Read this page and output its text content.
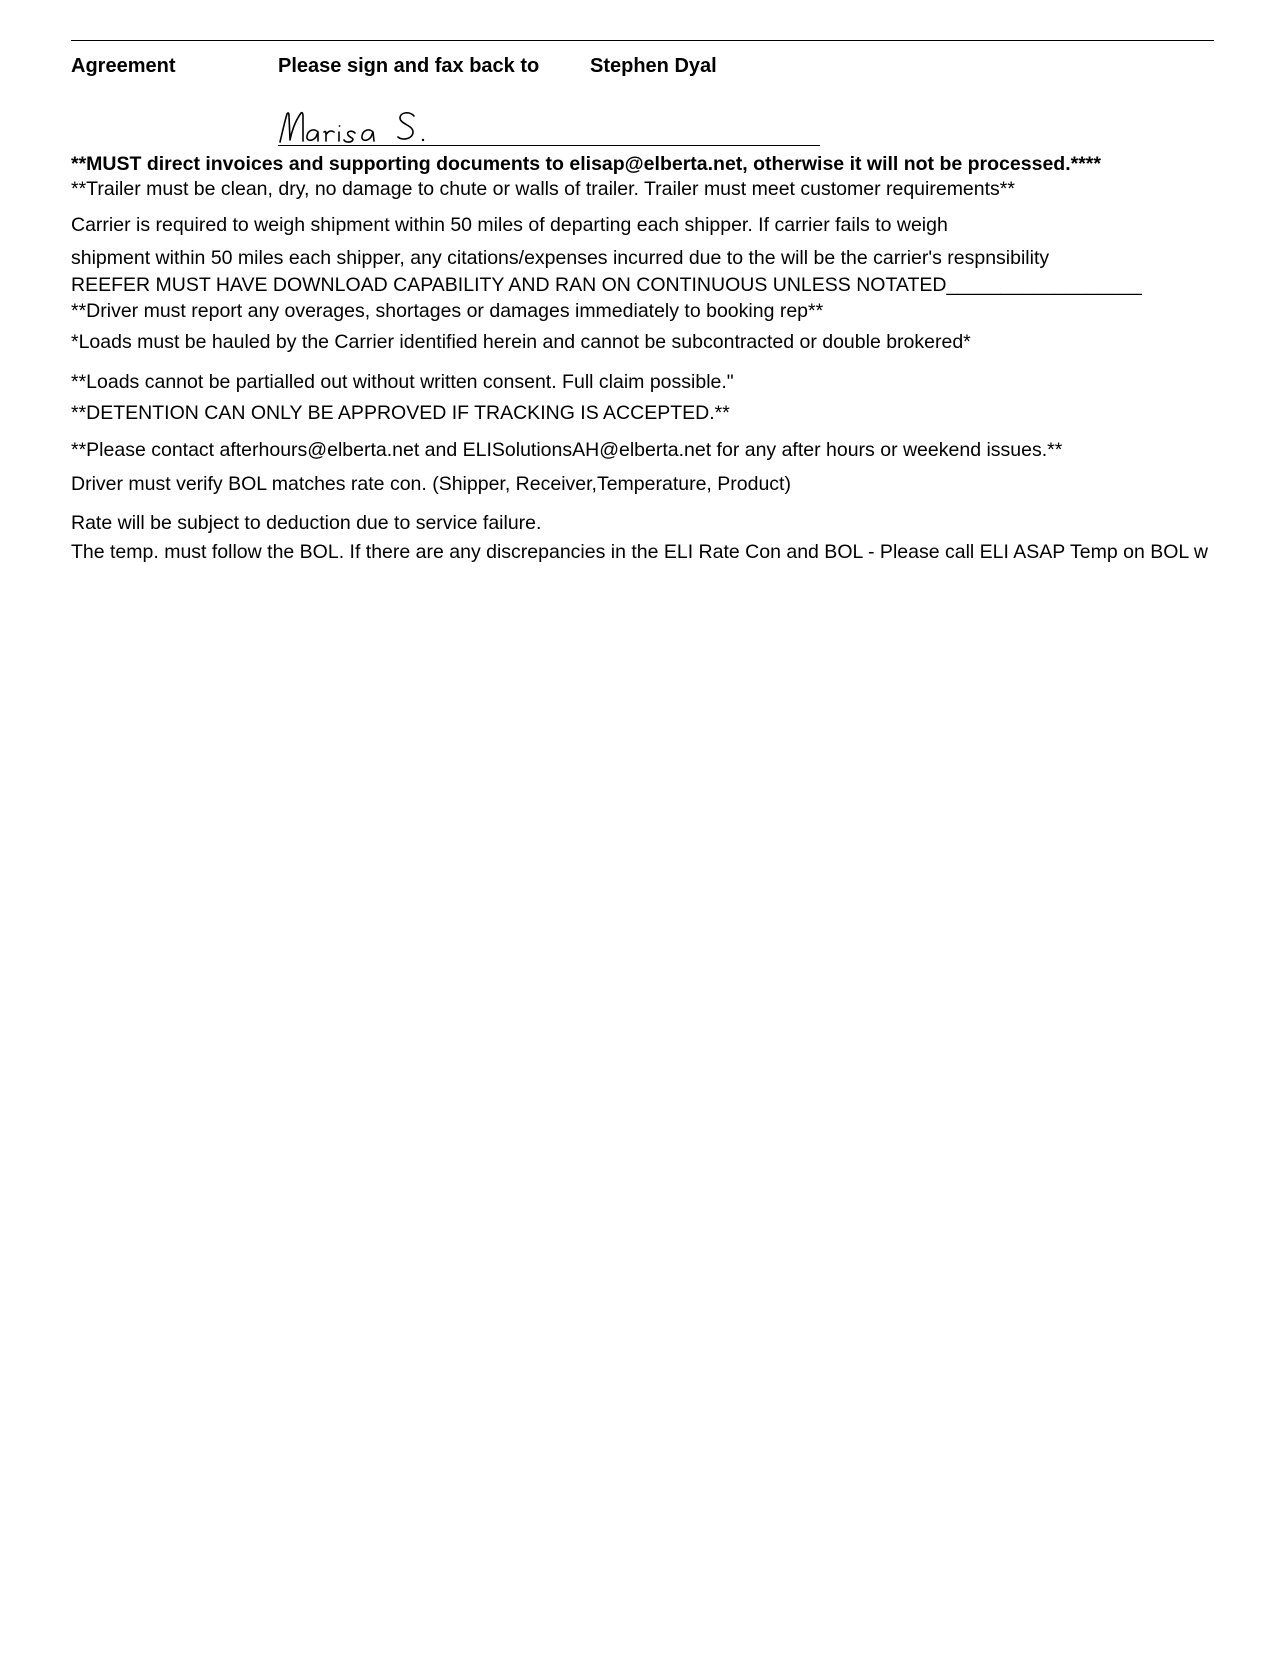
Agreement	Please sign and fax back to	Stephen Dyal
**MUST direct invoices and supporting documents to elisap@elberta.net, otherwise it will not be processed.****
**Trailer must be clean, dry, no damage to chute or walls of trailer. Trailer must meet customer requirements**
Carrier is required to weigh shipment within 50 miles of departing each shipper. If carrier fails to weigh
shipment within 50 miles each shipper, any citations/expenses incurred due to the will be the carrier's respnsibility
REEFER MUST HAVE DOWNLOAD CAPABILITY AND RAN ON CONTINUOUS UNLESS NOTATED__________________
**Driver must report any overages, shortages or damages immediately to booking rep**
*Loads must be hauled by the Carrier identified herein and cannot be subcontracted or double brokered*
**Loads cannot be partialled out without written consent. Full claim possible."
**DETENTION CAN ONLY BE APPROVED IF TRACKING IS ACCEPTED.**
**Please contact afterhours@elberta.net and ELISolutionsAH@elberta.net for any after hours or weekend issues.**
Driver must verify BOL matches rate con. (Shipper, Receiver,Temperature, Product)
Rate will be subject to deduction due to service failure.
The temp. must follow the BOL. If there are any discrepancies in the ELI Rate Con and BOL - Please call ELI ASAP Temp on BOL w
